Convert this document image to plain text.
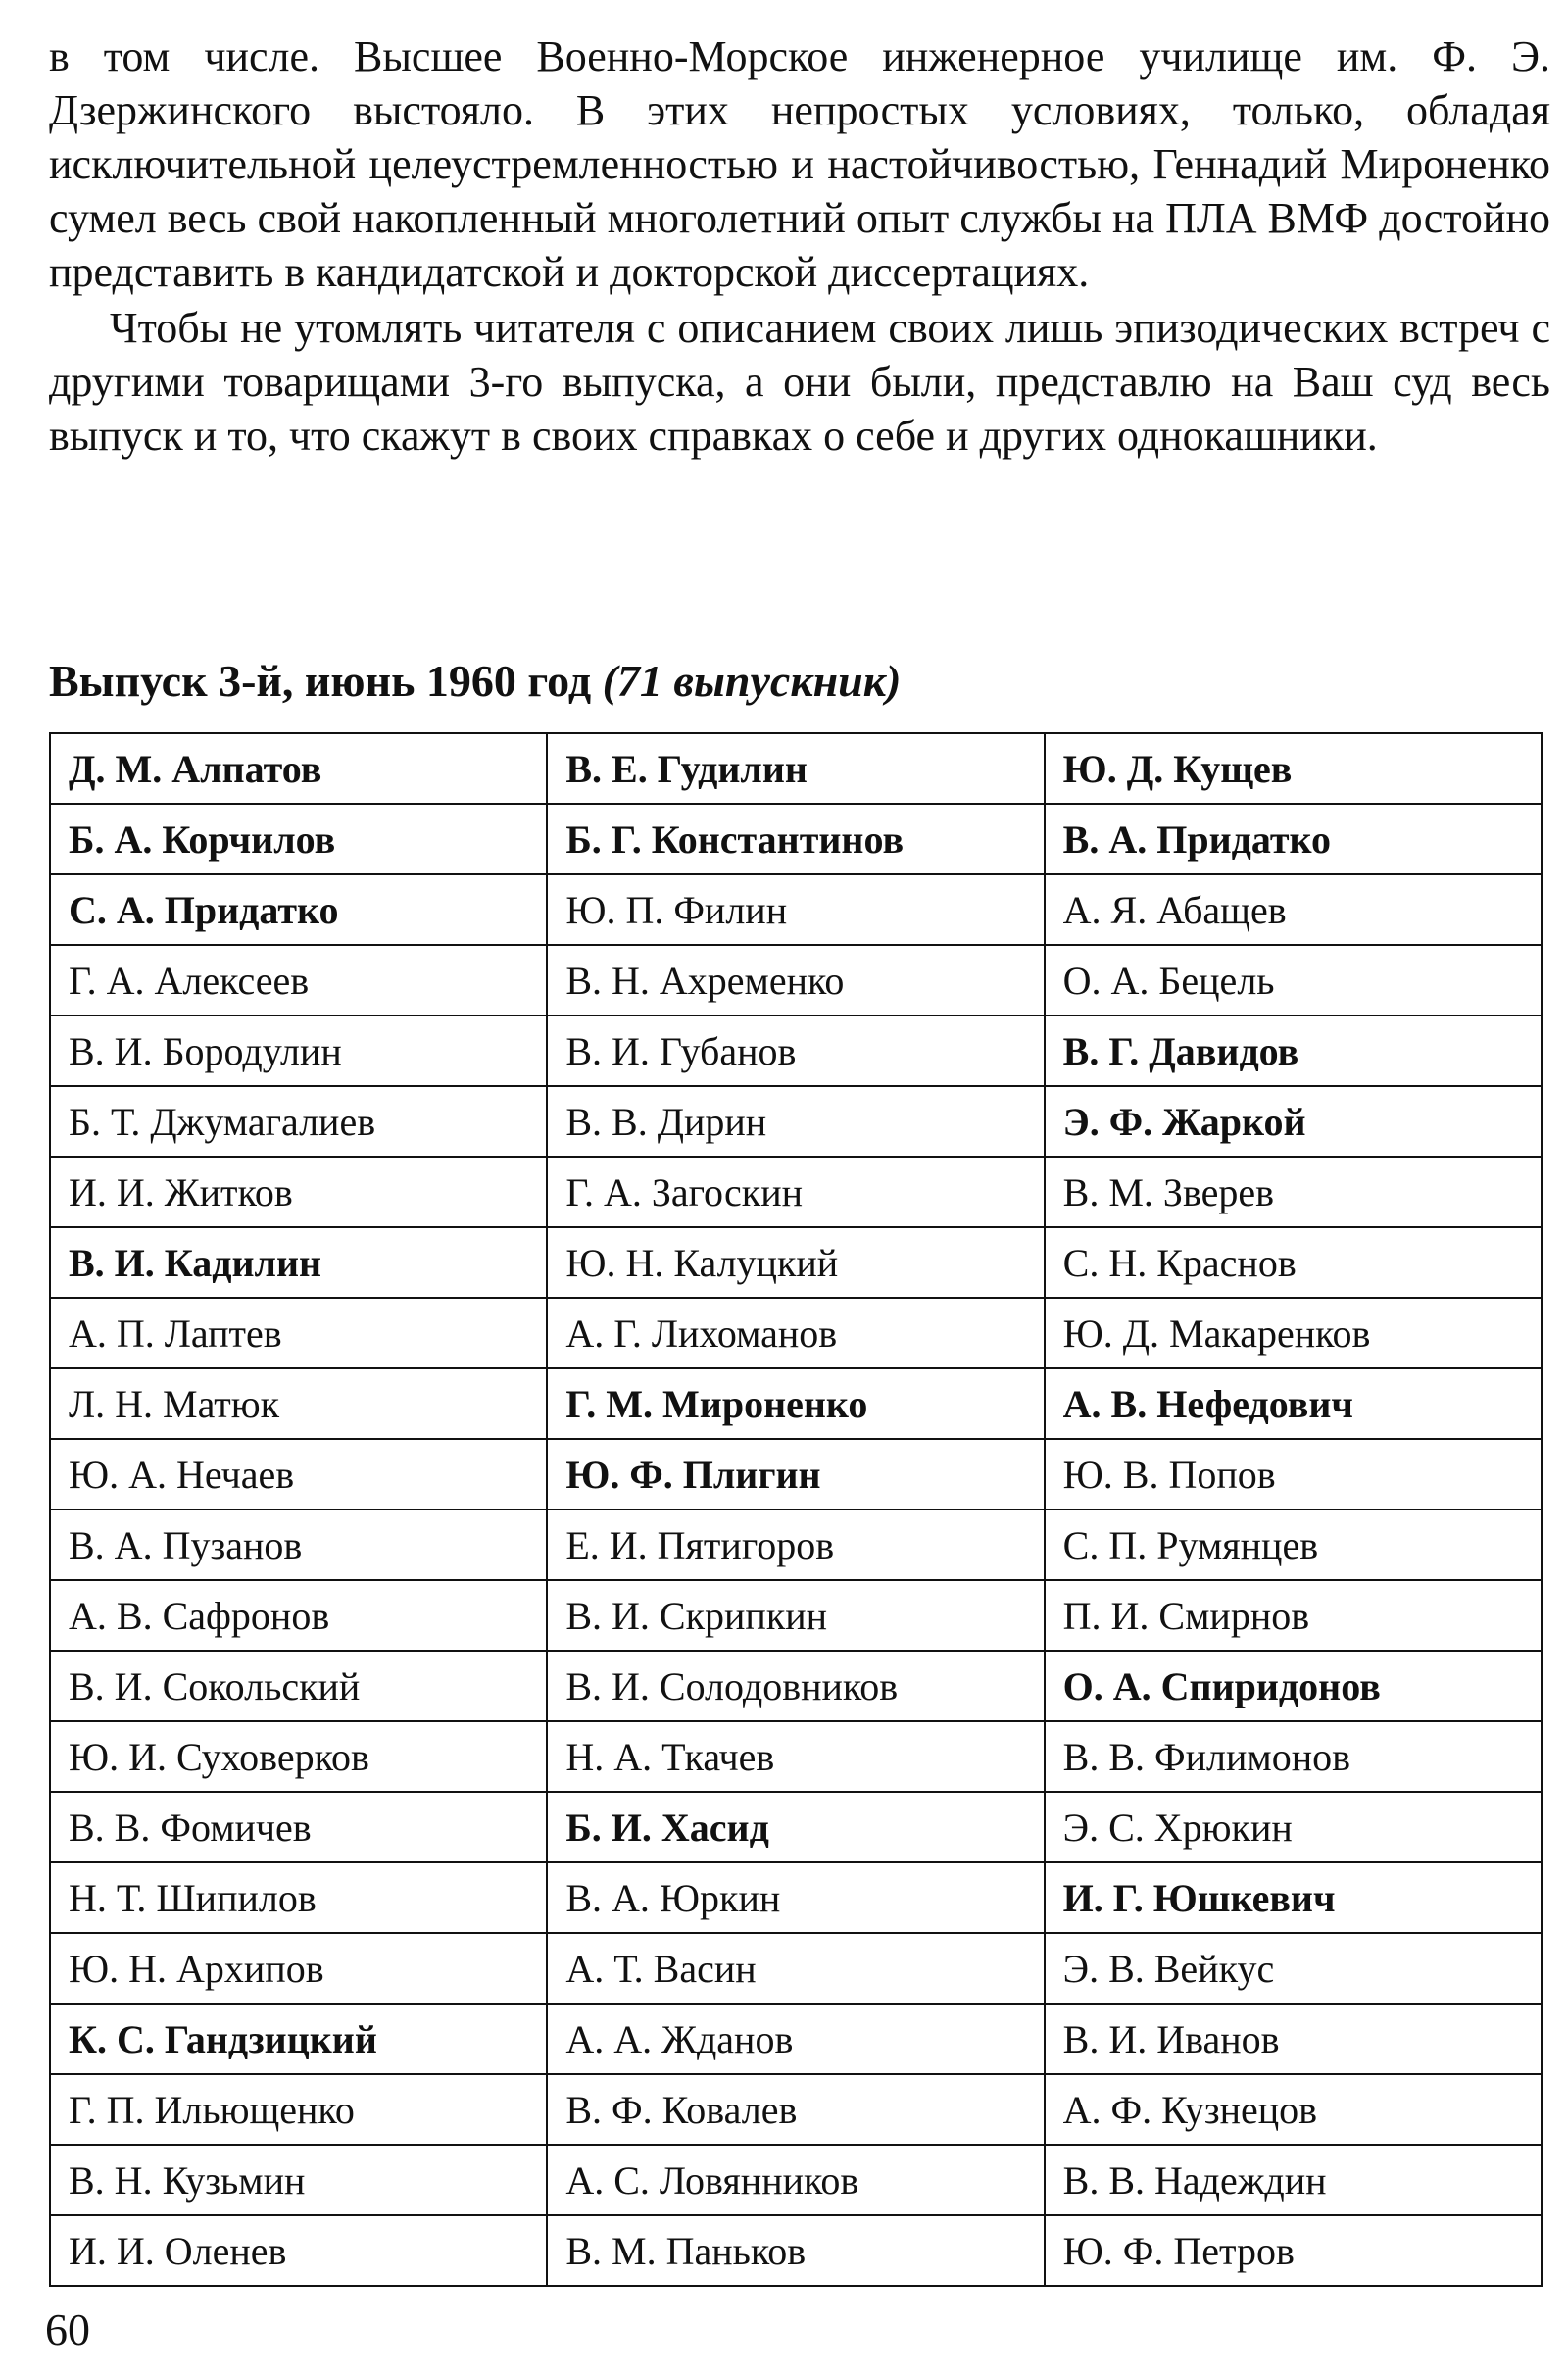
в том числе. Высшее Военно-Морское инженерное училище им. Ф. Э. Дзержинского выстояло. В этих непростых условиях, только, обладая исключительной целеустремленностью и настойчивостью, Геннадий Мироненко сумел весь свой накопленный многолетний опыт службы на ПЛА ВМФ достойно представить в кандидатской и докторской диссертациях.

Чтобы не утомлять читателя с описанием своих лишь эпизодических встреч с другими товарищами 3-го выпуска, а они были, представлю на Ваш суд весь выпуск и то, что скажут в своих справках о себе и других однокашники.

Выпуск 3-й, июнь 1960 год (71 выпускник)
Д. М. Алпатов	В. Е. Гудилин	Ю. Д. Кущев
Б. А. Корчилов	Б. Г. Константинов	В. А. Придатко
С. А. Придатко	Ю. П. Филин	А. Я. Абащев
Г. А. Алексеев	В. Н. Ахременко	О. А. Бецель
В. И. Бородулин	В. И. Губанов	В. Г. Давидов
Б. Т. Джумагалиев	В. В. Дирин	Э. Ф. Жаркой
И. И. Житков	Г. А. Загоскин	В. М. Зверев
В. И. Кадилин	Ю. Н. Калуцкий	С. Н. Краснов
А. П. Лаптев	А. Г. Лихоманов	Ю. Д. Макаренков
Л. Н. Матюк	Г. М. Мироненко	А. В. Нефедович
Ю. А. Нечаев	Ю. Ф. Плигин	Ю. В. Попов
В. А. Пузанов	Е. И. Пятигоров	С. П. Румянцев
А. В. Сафронов	В. И. Скрипкин	П. И. Смирнов
В. И. Сокольский	В. И. Солодовников	О. А. Спиридонов
Ю. И. Суховерков	Н. А. Ткачев	В. В. Филимонов
В. В. Фомичев	Б. И. Хасид	Э. С. Хрюкин
Н. Т. Шипилов	В. А. Юркин	И. Г. Юшкевич
Ю. Н. Архипов	А. Т. Васин	Э. В. Вейкус
К. С. Гандзицкий	А. А. Жданов	В. И. Иванов
Г. П. Ильющенко	В. Ф. Ковалев	А. Ф. Кузнецов
В. Н. Кузьмин	А. С. Ловянников	В. В. Надеждин
И. И. Оленев	В. М. Паньков	Ю. Ф. Петров
60
